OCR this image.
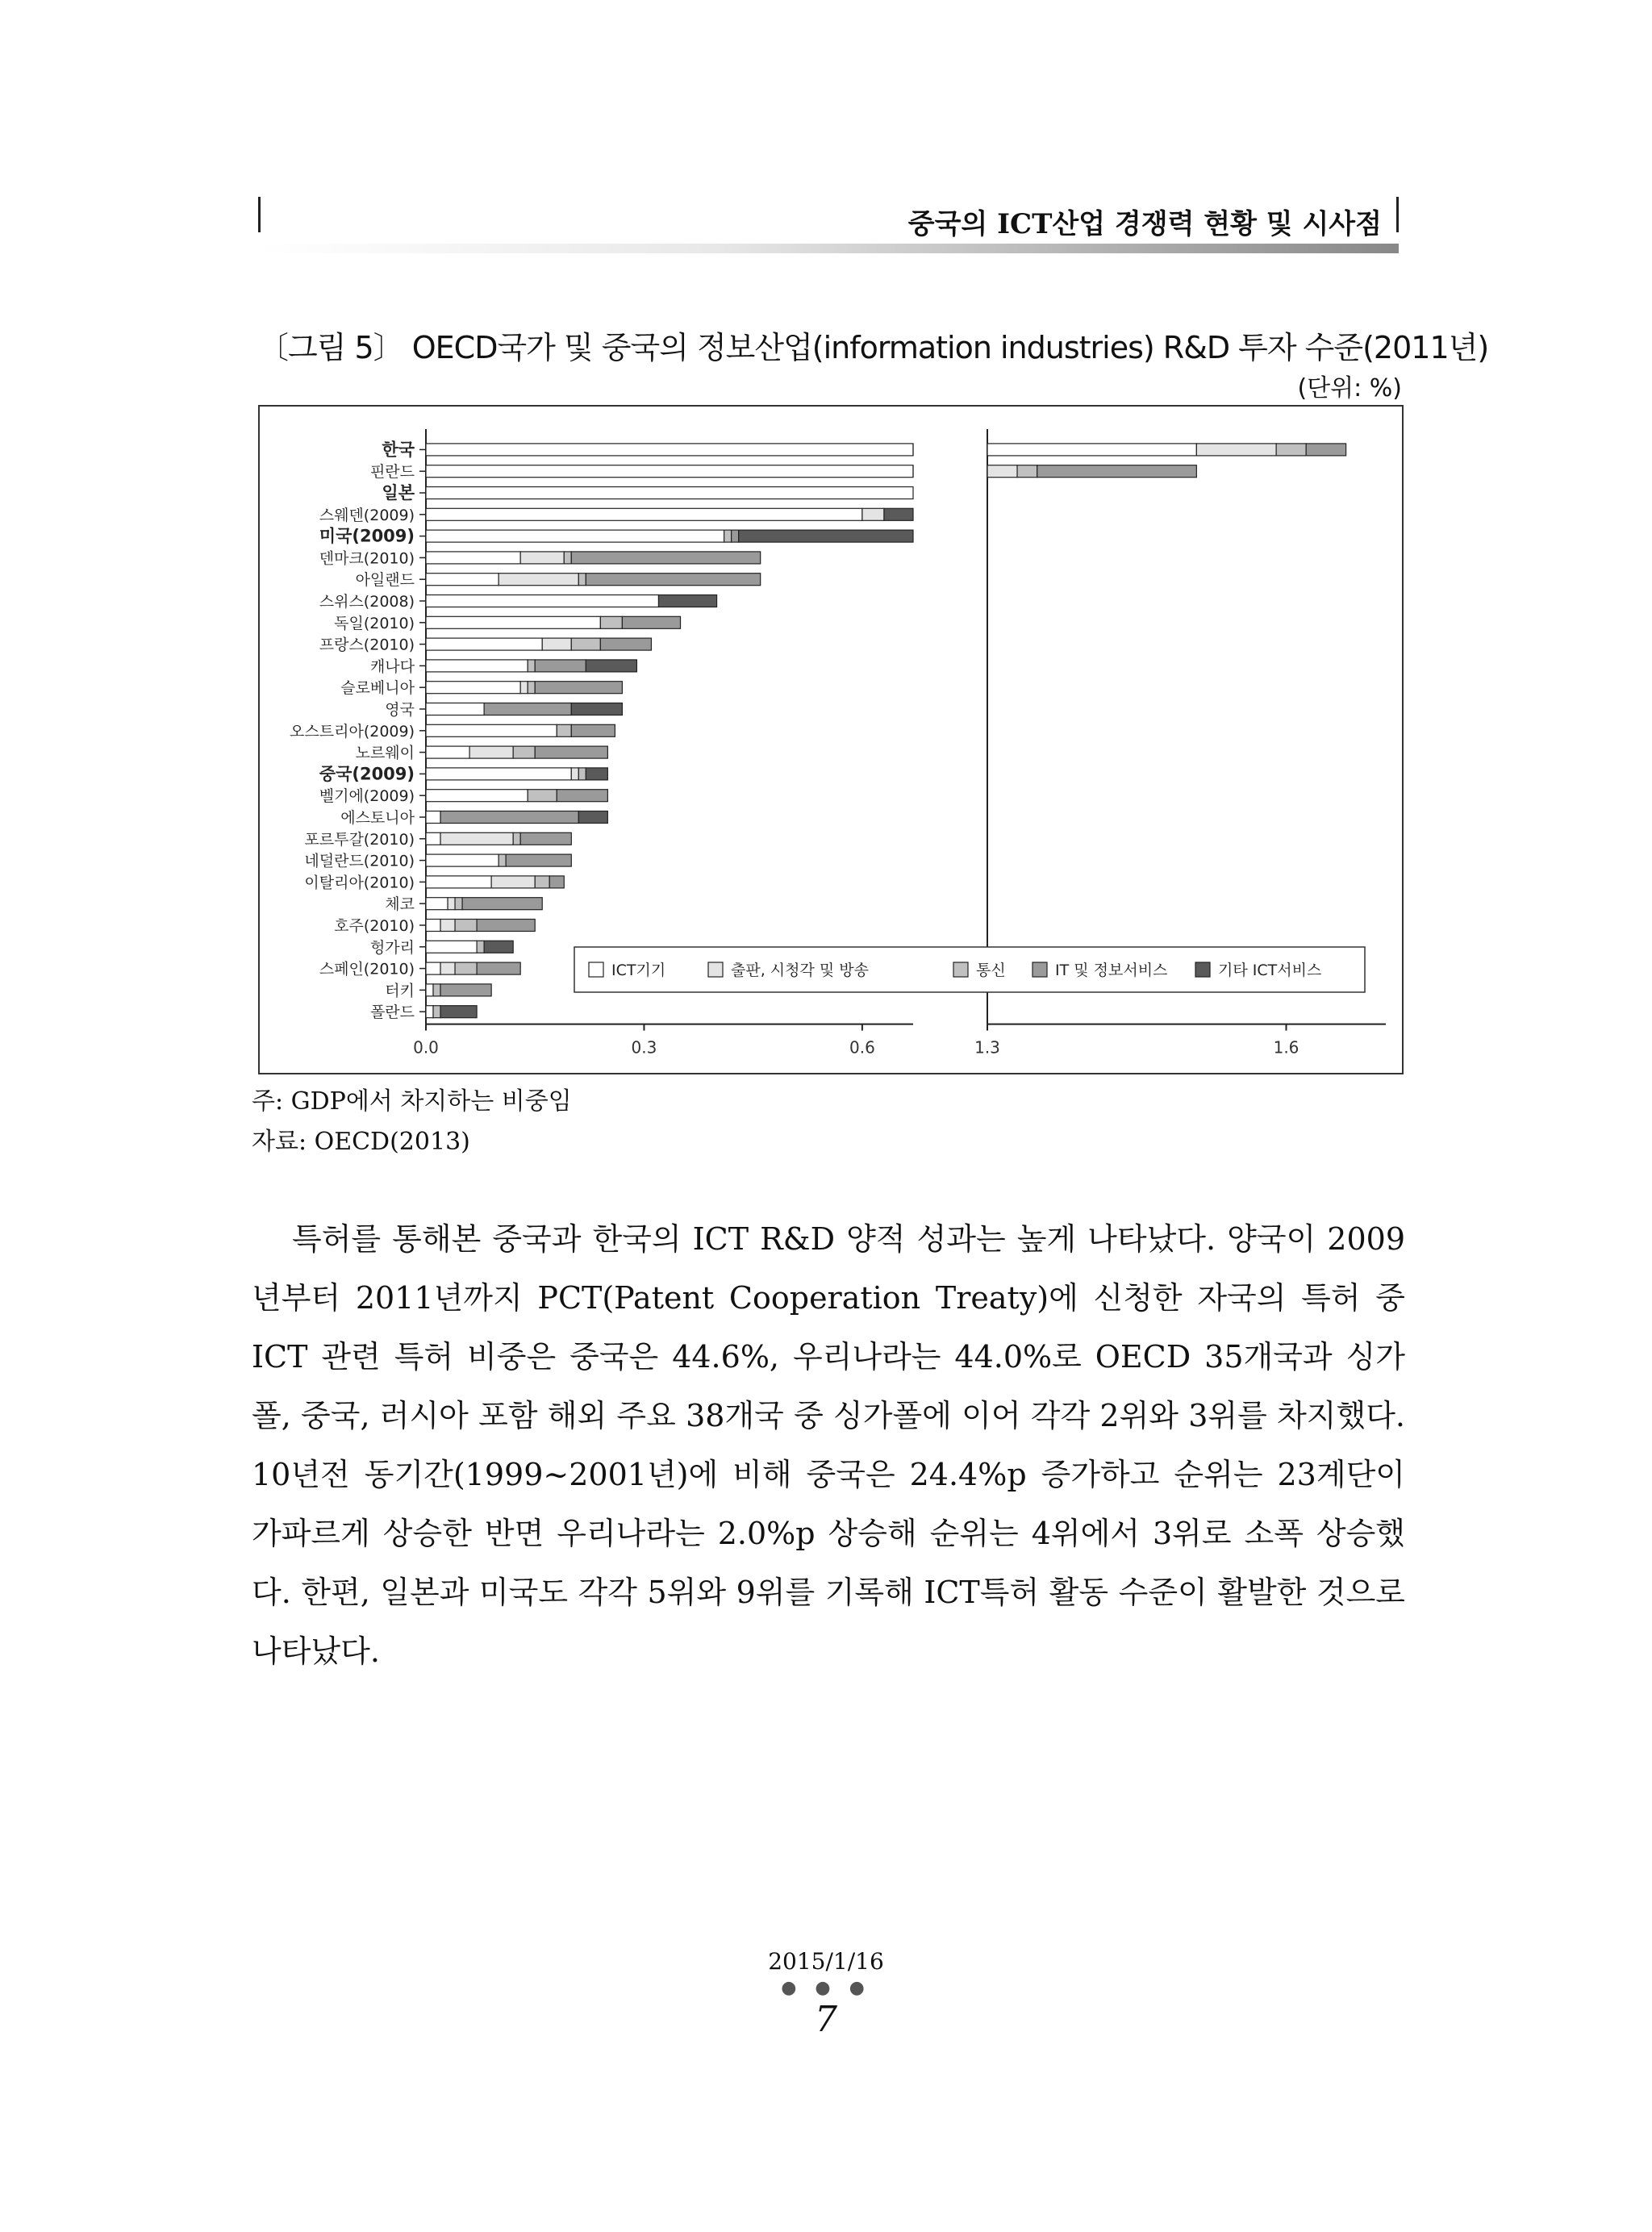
중국의 ICT산업 경쟁력 현황 및 시사점
〔그림 5〕 OECD국가 및 중국의 정보산업(information industries) R&D 투자 수준(2011년)
(단위: %)
0.0	0.3	0.6	1.3	1.6
한국
핀란드
일본
스웨덴(2009)
미국(2009)
덴마크(2010)
아일랜드
스위스(2008)
독일(2010)
프랑스(2010)
캐나다
슬로베니아
영국
오스트리아(2009)
노르웨이
중국(2009)
벨기에(2009)
에스토니아
포르투갈(2010)
네덜란드(2010)
이탈리아(2010)
체코
호주(2010)
헝가리
스페인(2010)
터키
폴란드
ICT기기	출판, 시청각 및 방송	통신	IT 및 정보서비스	기타 ICT서비스
주: GDP에서 차지하는 비중임
자료: OECD(2013)

특허를 통해본 중국과 한국의 ICT R&D 양적 성과는 높게 나타났다. 양국이 2009년부터 2011년까지 PCT(Patent Cooperation Treaty)에 신청한 자국의 특허 중 ICT 관련 특허 비중은 중국은 44.6%, 우리나라는 44.0%로 OECD 35개국과 싱가폴, 중국, 러시아 포함 해외 주요 38개국 중 싱가폴에 이어 각각 2위와 3위를 차지했다. 10년전 동기간(1999~2001년)에 비해 중국은 24.4%p 증가하고 순위는 23계단이 가파르게 상승한 반면 우리나라는 2.0%p 상승해 순위는 4위에서 3위로 소폭 상승했다. 한편, 일본과 미국도 각각 5위와 9위를 기록해 ICT특허 활동 수준이 활발한 것으로 나타났다.

2015/1/16
● ● ●
7
